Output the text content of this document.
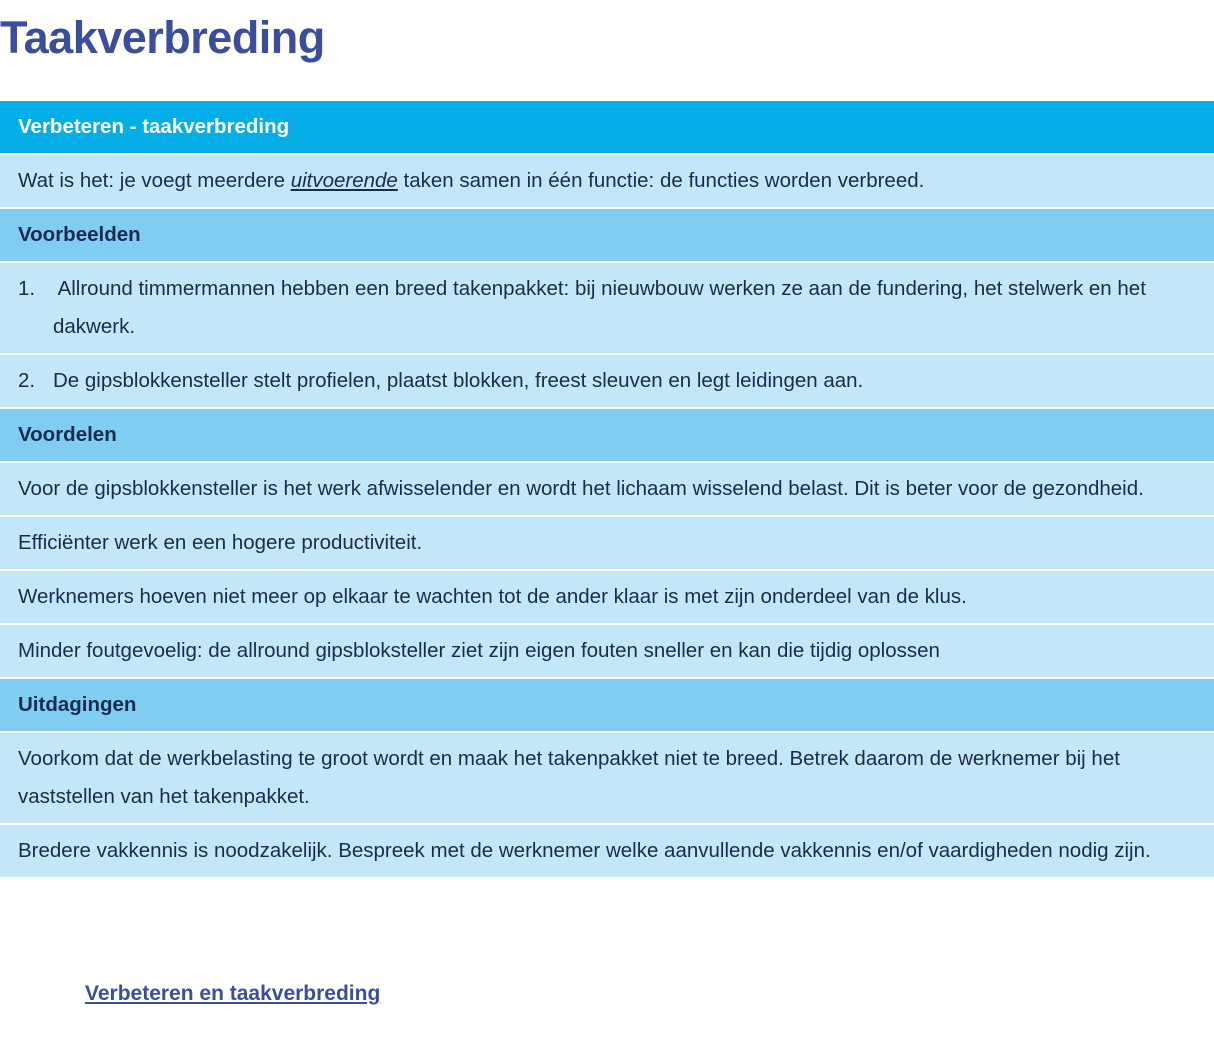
Taakverbreding
Verbeteren - taakverbreding
Wat is het: je voegt meerdere uitvoerende taken samen in één functie: de functies worden verbreed.
Voorbeelden
1. Allround timmermannen hebben een breed takenpakket: bij nieuwbouw werken ze aan de fundering, het stelwerk en het dakwerk.
2. De gipsblokkensteller stelt profielen, plaatst blokken, freest sleuven en legt leidingen aan.
Voordelen
Voor de gipsblokkensteller is het werk afwisselender en wordt het lichaam wisselend belast. Dit is beter voor de gezondheid.
Efficiënter werk en een hogere productiviteit.
Werknemers hoeven niet meer op elkaar te wachten tot de ander klaar is met zijn onderdeel van de klus.
Minder foutgevoelig: de allround gipsbloksteller ziet zijn eigen fouten sneller en kan die tijdig oplossen
Uitdagingen
Voorkom dat de werkbelasting te groot wordt en maak het takenpakket niet te breed. Betrek daarom de werknemer bij het vaststellen van het takenpakket.
Bredere vakkennis is noodzakelijk. Bespreek met de werknemer welke aanvullende vakkennis en/of vaardigheden nodig zijn.
Verbeteren en taakverbreding
